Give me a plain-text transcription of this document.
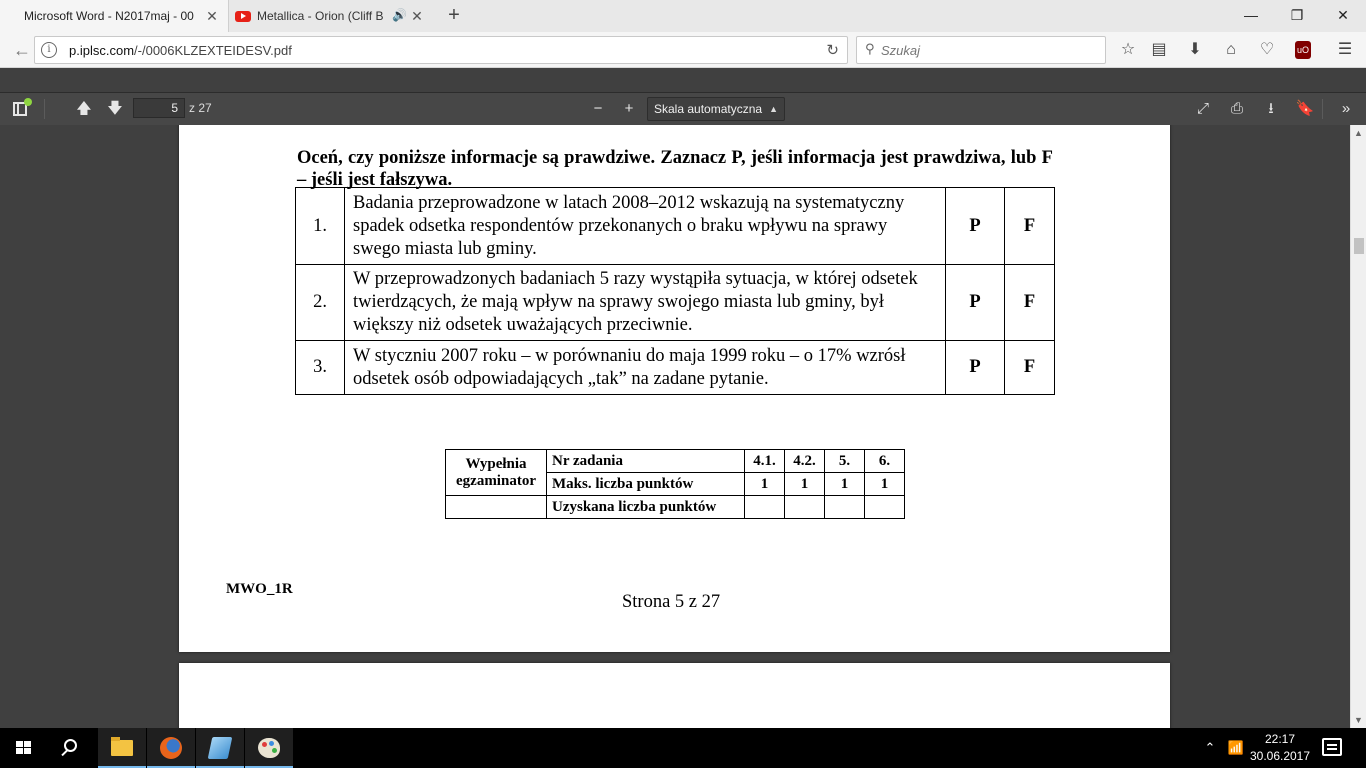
Microsoft Word - N2017maj - 00 ✕	Metallica - Orion (Cliff B 🔊 ✕ +	—	❐	✕
←	i	p.iplsc.com/-/0006KLZEXTEIDESV.pdf	↻ ⚲
Szukaj	☆	▤	⬇	⌂	♡	uO	☰
🡅 🡇
5	z 27	−	+	Skala automatyczna ▲	⤢	⎙	⭳	🔖	»
Oceń, czy poniższe informacje są prawdziwe. Zaznacz P, jeśli informacja jest prawdziwa, lub F – jeśli jest fałszywa.
1.	Badania przeprowadzone w latach 2008–2012 wskazują na systematyczny spadek odsetka respondentów przekonanych o braku wpływu na sprawy swego miasta lub gminy.	P	F
2.	W przeprowadzonych badaniach 5 razy wystąpiła sytuacja, w której odsetek twierdzących, że mają wpływ na sprawy swojego miasta lub gminy, był większy niż odsetek uważających przeciwnie.	P	F
3.	W styczniu 2007 roku – w porównaniu do maja 1999 roku – o 17% wzrósł odsetek osób odpowiadających „tak” na zadane pytanie.	P	F
Wypełnia egzaminator	Nr zadania	4.1.	4.2.	5.	6.
	Maks. liczba punktów	1	1	1	1
	Uzyskana liczba punktów				
MWO_1R
Strona 5 z 27
▲
▼
⌃ 📶
22:17
30.06.2017
